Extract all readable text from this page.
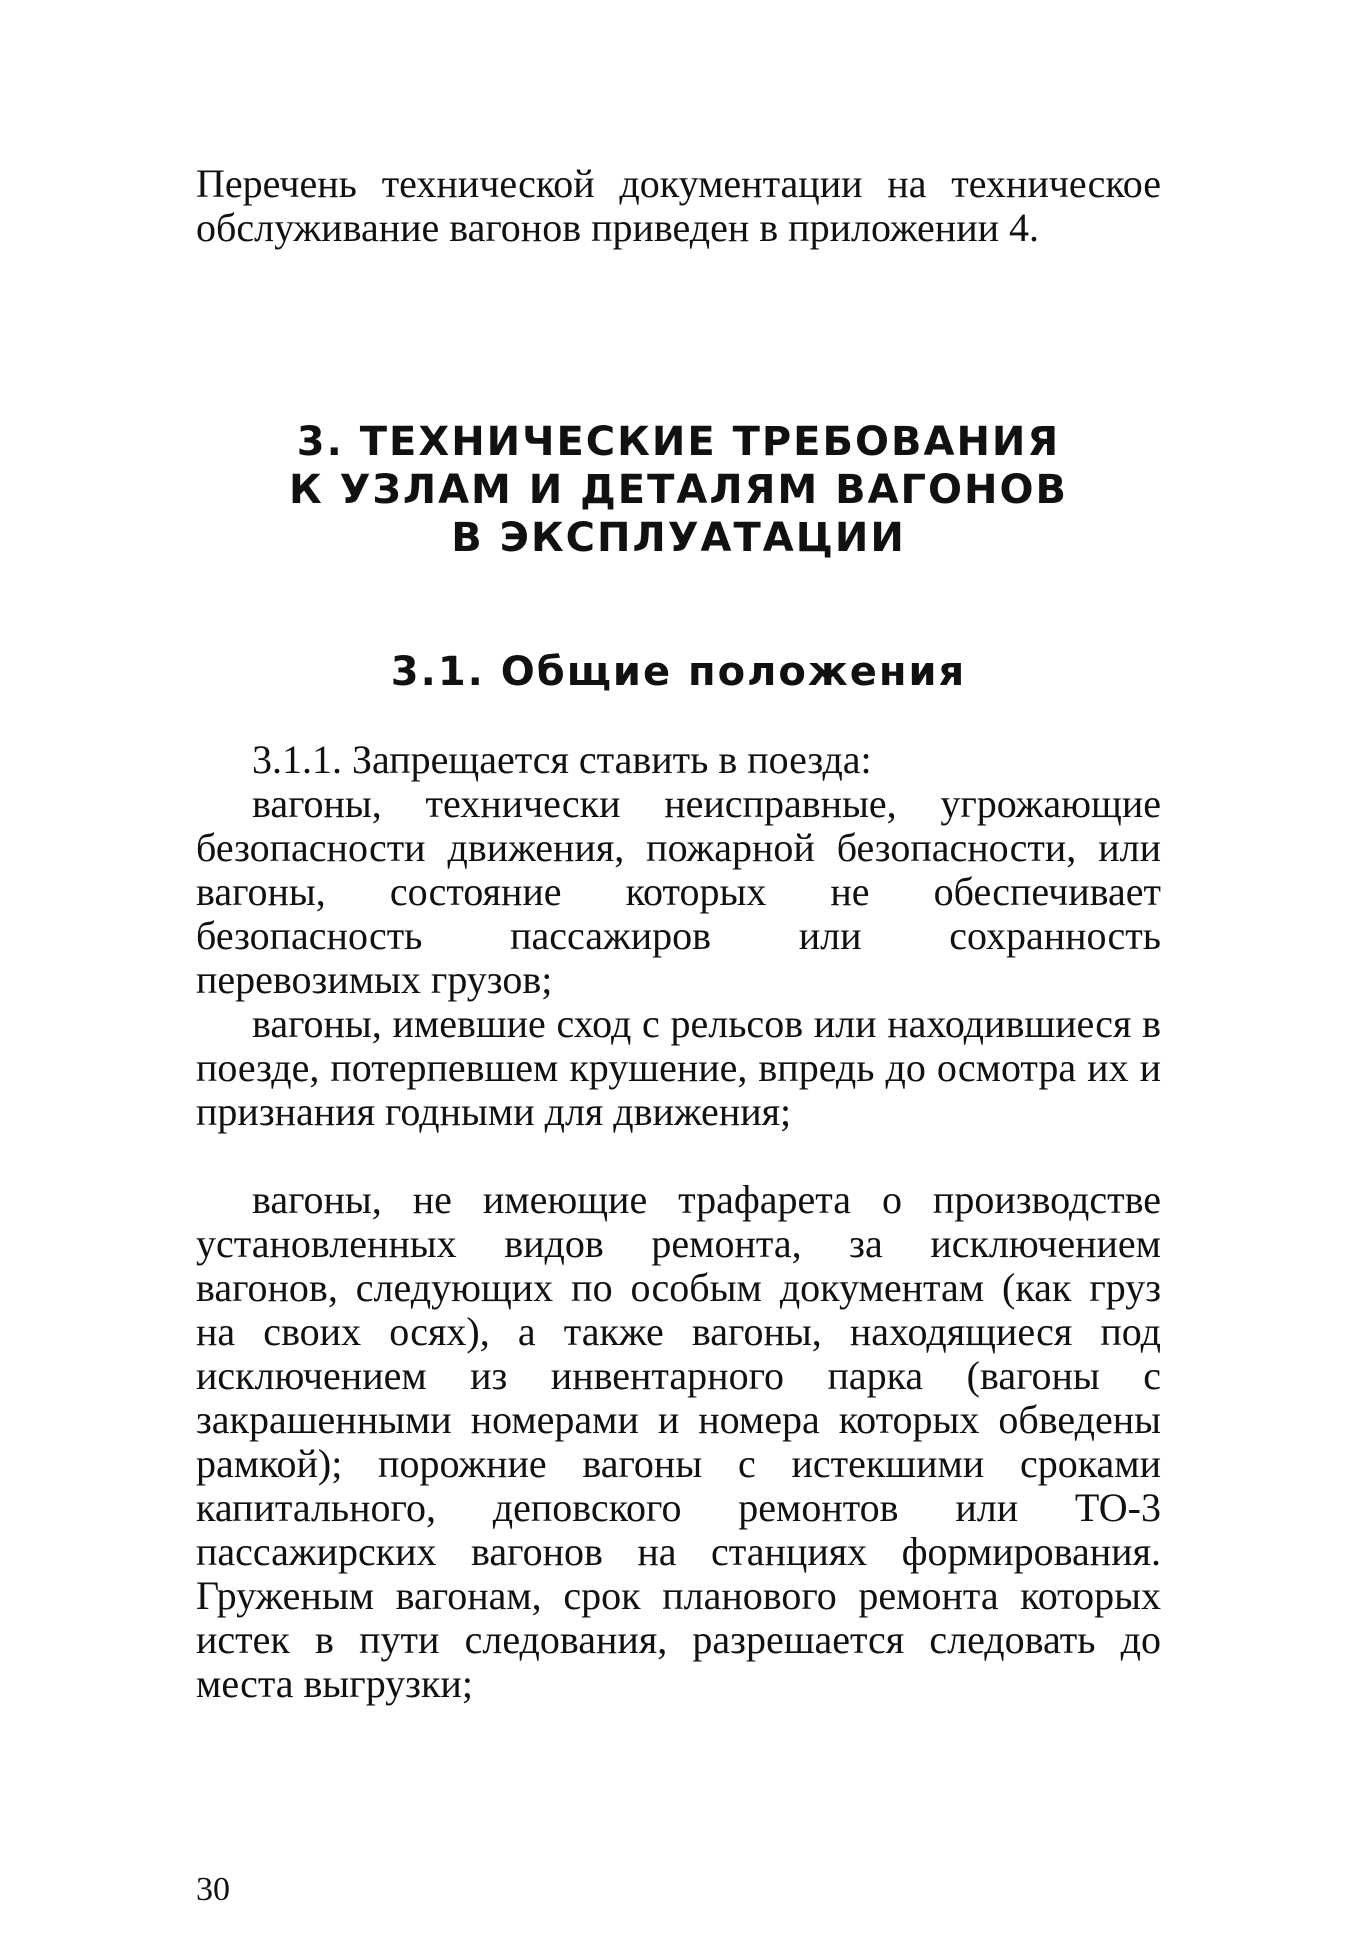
Перечень технической документации на техническое обслуживание вагонов приведен в приложении 4.

3. ТЕХНИЧЕСКИЕ ТРЕБОВАНИЯ
К УЗЛАМ И ДЕТАЛЯМ ВАГОНОВ
В ЭКСПЛУАТАЦИИ
3.1. Общие положения

3.1.1. Запрещается ставить в поезда:

вагоны, технически неисправные, угрожающие безопасности движения, пожарной безопасности, или вагоны, состояние которых не обеспечивает безопасность пассажиров или сохранность перевозимых грузов;

вагоны, имевшие сход с рельсов или находившиеся в поезде, потерпевшем крушение, впредь до осмотра их и признания годными для движения;

вагоны, не имеющие трафарета о производстве установленных видов ремонта, за исключением вагонов, следующих по особым документам (как груз на своих осях), а также вагоны, находящиеся под исключением из инвентарного парка (вагоны с закрашенными номерами и номера которых обведены рамкой); порожние вагоны с истекшими сроками капитального, деповского ремонтов или ТО-3 пассажирских вагонов на станциях формирования. Груженым вагонам, срок планового ремонта которых истек в пути следования, разрешается следовать до места выгрузки;

30
